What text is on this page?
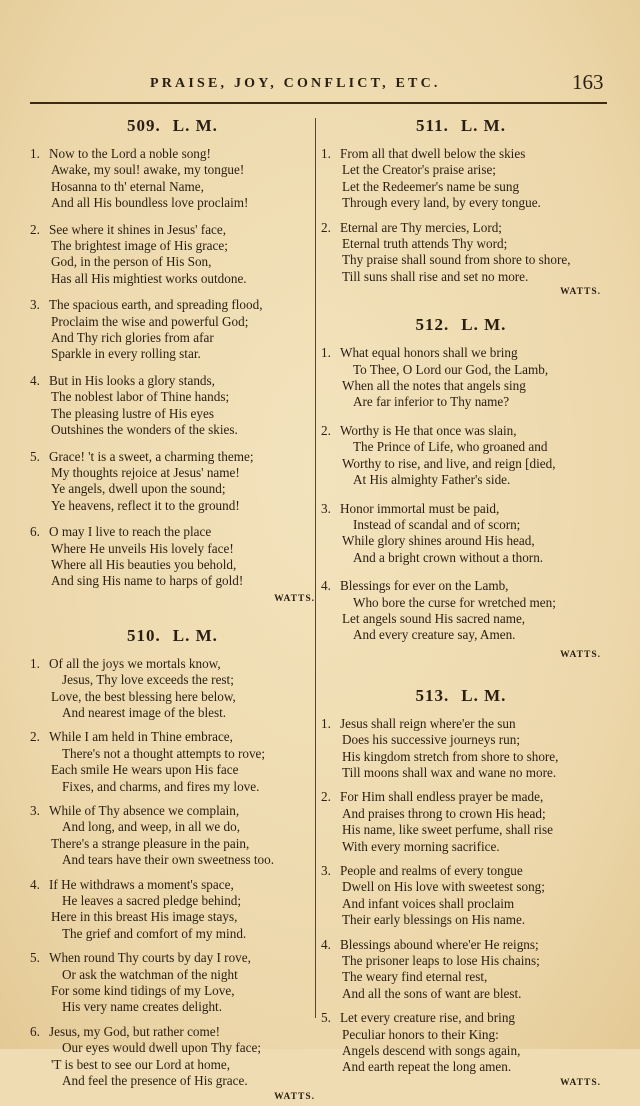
PRAISE, JOY, CONFLICT, ETC.	163
509. L. M.
1. Now to the Lord a noble song!
Awake, my soul! awake, my tongue!
Hosanna to th' eternal Name,
And all His boundless love proclaim!
2. See where it shines in Jesus' face,
The brightest image of His grace;
God, in the person of His Son,
Has all His mightiest works outdone.
3. The spacious earth, and spreading flood,
Proclaim the wise and powerful God;
And Thy rich glories from afar
Sparkle in every rolling star.
4. But in His looks a glory stands,
The noblest labor of Thine hands;
The pleasing lustre of His eyes
Outshines the wonders of the skies.
5. Grace! 't is a sweet, a charming theme;
My thoughts rejoice at Jesus' name!
Ye angels, dwell upon the sound;
Ye heavens, reflect it to the ground!
6. O may I live to reach the place
Where He unveils His lovely face!
Where all His beauties you behold,
And sing His name to harps of gold!
WATTS.
510. L. M.
1. Of all the joys we mortals know,
Jesus, Thy love exceeds the rest;
Love, the best blessing here below,
And nearest image of the blest.
2. While I am held in Thine embrace,
There's not a thought attempts to rove;
Each smile He wears upon His face
Fixes, and charms, and fires my love.
3. While of Thy absence we complain,
And long, and weep, in all we do,
There's a strange pleasure in the pain,
And tears have their own sweetness too.
4. If He withdraws a moment's space,
He leaves a sacred pledge behind;
Here in this breast His image stays,
The grief and comfort of my mind.
5. When round Thy courts by day I rove,
Or ask the watchman of the night
For some kind tidings of my Love,
His very name creates delight.
6. Jesus, my God, but rather come!
Our eyes would dwell upon Thy face;
'T is best to see our Lord at home,
And feel the presence of His grace.
WATTS.
511. L. M.
1. From all that dwell below the skies
Let the Creator's praise arise;
Let the Redeemer's name be sung
Through every land, by every tongue.
2. Eternal are Thy mercies, Lord;
Eternal truth attends Thy word;
Thy praise shall sound from shore to shore,
Till suns shall rise and set no more.
WATTS.
512. L. M.
1. What equal honors shall we bring
To Thee, O Lord our God, the Lamb,
When all the notes that angels sing
Are far inferior to Thy name?
2. Worthy is He that once was slain,
The Prince of Life, who groaned and
Worthy to rise, and live, and reign [died,
At His almighty Father's side.
3. Honor immortal must be paid,
Instead of scandal and of scorn;
While glory shines around His head,
And a bright crown without a thorn.
4. Blessings for ever on the Lamb,
Who bore the curse for wretched men;
Let angels sound His sacred name,
And every creature say, Amen.
WATTS.
513. L. M.
1. Jesus shall reign where'er the sun
Does his successive journeys run;
His kingdom stretch from shore to shore,
Till moons shall wax and wane no more.
2. For Him shall endless prayer be made,
And praises throng to crown His head;
His name, like sweet perfume, shall rise
With every morning sacrifice.
3. People and realms of every tongue
Dwell on His love with sweetest song;
And infant voices shall proclaim
Their early blessings on His name.
4. Blessings abound where'er He reigns;
The prisoner leaps to lose His chains;
The weary find eternal rest,
And all the sons of want are blest.
5. Let every creature rise, and bring
Peculiar honors to their King:
Angels descend with songs again,
And earth repeat the long amen.
WATTS.
